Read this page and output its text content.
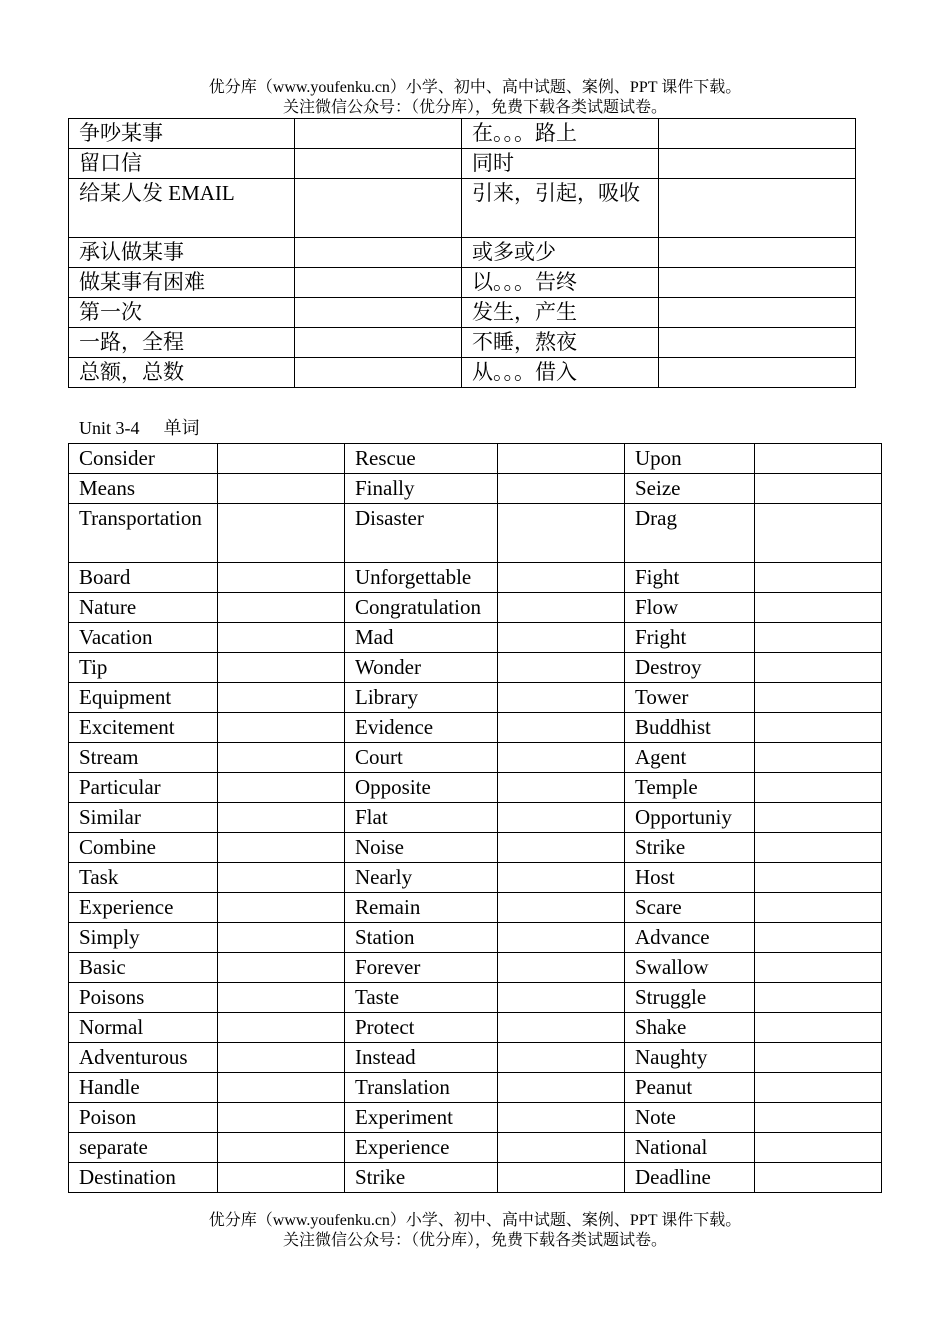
优分库（www.youfenku.cn）小学、初中、高中试题、案例、PPT 课件下载。
关注微信公众号：（优分库），免费下载各类试题试卷。
争吵某事		在。。。路上	
留口信		同时	
给某人发 EMAIL		引来，引起，吸收	
承认做某事		或多或少	
做某事有困难		以。。。告终	
第一次		发生，产生	
一路，全程		不睡，熬夜	
总额，总数		从。。。借入	
Unit 3-4 单词
Consider		Rescue		Upon	
Means		Finally		Seize	
Transportation		Disaster		Drag	
Board		Unforgettable		Fight	
Nature		Congratulation		Flow	
Vacation		Mad		Fright	
Tip		Wonder		Destroy	
Equipment		Library		Tower	
Excitement		Evidence		Buddhist	
Stream		Court		Agent	
Particular		Opposite		Temple	
Similar		Flat		Opportuniy	
Combine		Noise		Strike	
Task		Nearly		Host	
Experience		Remain		Scare	
Simply		Station		Advance	
Basic		Forever		Swallow	
Poisons		Taste		Struggle	
Normal		Protect		Shake	
Adventurous		Instead		Naughty	
Handle		Translation		Peanut	
Poison		Experiment		Note	
separate		Experience		National	
Destination		Strike		Deadline	
优分库（www.youfenku.cn）小学、初中、高中试题、案例、PPT 课件下载。
关注微信公众号：（优分库），免费下载各类试题试卷。
